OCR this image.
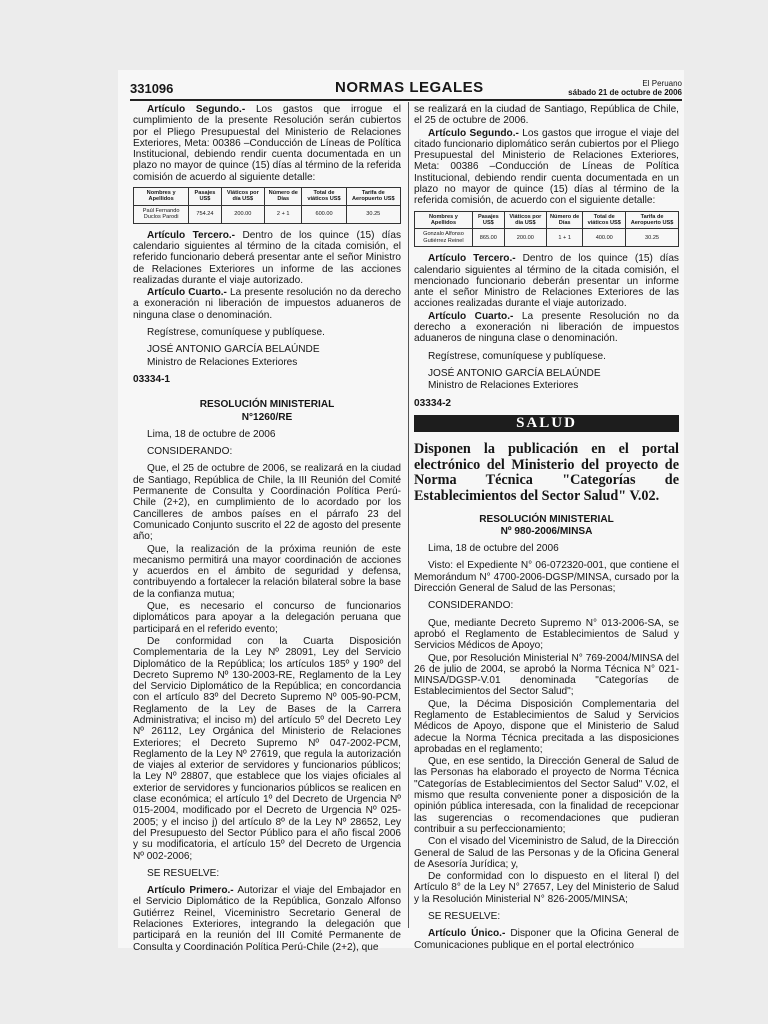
331096	NORMAS LEGALES	El Peruano
sábado 21 de octubre de 2006

Artículo Segundo.- Los gastos que irrogue el cumplimiento de la presente Resolución serán cubiertos por el Pliego Presupuestal del Ministerio de Relaciones Exteriores, Meta: 00386 –Conducción de Líneas de Política Institucional, debiendo rendir cuenta documentada en un plazo no mayor de quince (15) días al término de la referida comisión de acuerdo al siguiente detalle:

Nombres y Apellidos	Pasajes US$	Viáticos por día US$	Número de Días	Total de viáticos US$	Tarifa de Aeropuerto US$
Paúl Fernando Duclos Parodi	754.24	200.00	2 + 1	600.00	30.25

Artículo Tercero.- Dentro de los quince (15) días calendario siguientes al término de la citada comisión, el referido funcionario deberá presentar ante el señor Ministro de Relaciones Exteriores un informe de las acciones realizadas durante el viaje autorizado.

Artículo Cuarto.- La presente resolución no da derecho a exoneración ni liberación de impuestos aduaneros de ninguna clase o denominación.

Regístrese, comuníquese y publíquese.

JOSÉ ANTONIO GARCÍA BELAÚNDE

Ministro de Relaciones Exteriores

03334-1

RESOLUCIÓN MINISTERIAL

N°1260/RE

Lima, 18 de octubre de 2006

CONSIDERANDO:

Que, el 25 de octubre de 2006, se realizará en la ciudad de Santiago, República de Chile, la III Reunión del Comité Permanente de Consulta y Coordinación Política Perú-Chile (2+2), en cumplimiento de lo acordado por los Cancilleres de ambos países en el párrafo 23 del Comunicado Conjunto suscrito el 22 de agosto del presente año;

Que, la realización de la próxima reunión de este mecanismo permitirá una mayor coordinación de acciones y acuerdos en el ámbito de seguridad y defensa, contribuyendo a fortalecer la relación bilateral sobre la base de la confianza mutua;

Que, es necesario el concurso de funcionarios diplomáticos para apoyar a la delegación peruana que participará en el referido evento;

De conformidad con la Cuarta Disposición Complementaria de la Ley Nº 28091, Ley del Servicio Diplomático de la República; los artículos 185º y 190º del Decreto Supremo Nº 130-2003-RE, Reglamento de la Ley del Servicio Diplomático de la República; en concordancia con el artículo 83º del Decreto Supremo Nº 005-90-PCM, Reglamento de la Ley de Bases de la Carrera Administrativa; el inciso m) del artículo 5º del Decreto Ley Nº 26112, Ley Orgánica del Ministerio de Relaciones Exteriores; el Decreto Supremo Nº 047-2002-PCM, Reglamento de la Ley Nº 27619, que regula la autorización de viajes al exterior de servidores y funcionarios públicos; la Ley Nº 28807, que establece que los viajes oficiales al exterior de servidores y funcionarios públicos se realicen en clase económica; el artículo 1º del Decreto de Urgencia Nº 015-2004, modificado por el Decreto de Urgencia Nº 025-2005; y el inciso j) del artículo 8º de la Ley Nº 28652, Ley del Presupuesto del Sector Público para el año fiscal 2006 y su modificatoria, el artículo 15º del Decreto de Urgencia Nº 002-2006;

SE RESUELVE:

Artículo Primero.- Autorizar el viaje del Embajador en el Servicio Diplomático de la República, Gonzalo Alfonso Gutiérrez Reinel, Viceministro Secretario General de Relaciones Exteriores, integrando la delegación que participará en la reunión del III Comité Permanente de Consulta y Coordinación Política Perú-Chile (2+2), que

se realizará en la ciudad de Santiago, República de Chile, el 25 de octubre de 2006.

Artículo Segundo.- Los gastos que irrogue el viaje del citado funcionario diplomático serán cubiertos por el Pliego Presupuestal del Ministerio de Relaciones Exteriores, Meta: 00386 –Conducción de Líneas de Política Institucional, debiendo rendir cuenta documentada en un plazo no mayor de quince (15) días al término de la referida comisión, de acuerdo con el siguiente detalle:

Nombres y Apellidos	Pasajes US$	Viáticos por día US$	Número de Días	Total de viáticos US$	Tarifa de Aeropuerto US$
Gonzalo Alfonso Gutiérrez Reinel	865.00	200.00	1 + 1	400.00	30.25

Artículo Tercero.- Dentro de los quince (15) días calendario siguientes al término de la citada comisión, el mencionado funcionario deberán presentar un informe ante el señor Ministro de Relaciones Exteriores de las acciones realizadas durante el viaje autorizado.

Artículo Cuarto.- La presente Resolución no da derecho a exoneración ni liberación de impuestos aduaneros de ninguna clase o denominación.

Regístrese, comuníquese y publíquese.

JOSÉ ANTONIO GARCÍA BELAÚNDE

Ministro de Relaciones Exteriores

03334-2

SALUD
Disponen la publicación en el portal electrónico del Ministerio del proyecto de Norma Técnica "Categorías de Establecimientos del Sector Salud" V.02.

RESOLUCIÓN MINISTERIAL

Nº 980-2006/MINSA

Lima, 18 de octubre del 2006

Visto: el Expediente N° 06-072320-001, que contiene el Memorándum N° 4700-2006-DGSP/MINSA, cursado por la Dirección General de Salud de las Personas;

CONSIDERANDO:

Que, mediante Decreto Supremo N° 013-2006-SA, se aprobó el Reglamento de Establecimientos de Salud y Servicios Médicos de Apoyo;

Que, por Resolución Ministerial N° 769-2004/MINSA del 26 de julio de 2004, se aprobó la Norma Técnica N° 021-MINSA/DGSP-V.01 denominada "Categorías de Establecimientos del Sector Salud";

Que, la Décima Disposición Complementaria del Reglamento de Establecimientos de Salud y Servicios Médicos de Apoyo, dispone que el Ministerio de Salud adecue la Norma Técnica precitada a las disposiciones aprobadas en el reglamento;

Que, en ese sentido, la Dirección General de Salud de las Personas ha elaborado el proyecto de Norma Técnica "Categorías de Establecimientos del Sector Salud" V.02, el mismo que resulta conveniente poner a disposición de la opinión pública interesada, con la finalidad de recepcionar las sugerencias o recomendaciones que pudieran contribuir a su perfeccionamiento;

Con el visado del Viceministro de Salud, de la Dirección General de Salud de las Personas y de la Oficina General de Asesoría Jurídica; y,

De conformidad con lo dispuesto en el literal l) del Artículo 8° de la Ley N° 27657, Ley del Ministerio de Salud y la Resolución Ministerial N° 826-2005/MINSA;

SE RESUELVE:

Artículo Único.- Disponer que la Oficina General de Comunicaciones publique en el portal electrónico
